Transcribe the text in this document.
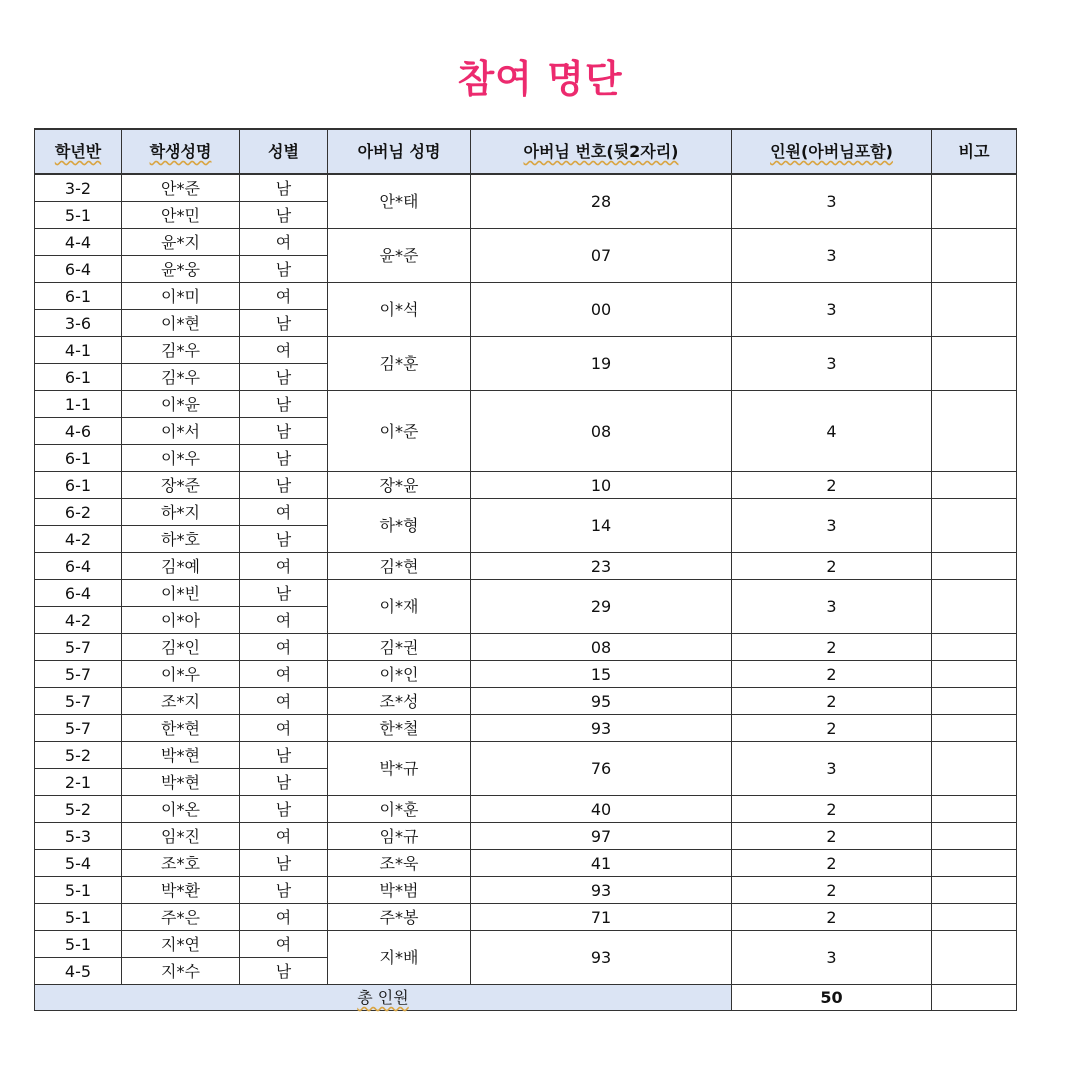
참여 명단
학년반	학생성명	성별	아버님 성명	아버님 번호(뒷2자리)	인원(아버님포함)	비고
3-2	안*준	남	안*태	28	3	
5-1	안*민	남				
4-4	윤*지	여	윤*준	07	3	
6-4	윤*웅	남				
6-1	이*미	여	이*석	00	3	
3-6	이*현	남				
4-1	김*우	여	김*훈	19	3	
6-1	김*우	남				
1-1	이*윤	남	이*준	08	4	
4-6	이*서	남				
6-1	이*우	남				
6-1	장*준	남	장*윤	10	2	
6-2	하*지	여	하*형	14	3	
4-2	하*호	남				
6-4	김*예	여	김*현	23	2	
6-4	이*빈	남	이*재	29	3	
4-2	이*아	여				
5-7	김*인	여	김*권	08	2	
5-7	이*우	여	이*인	15	2	
5-7	조*지	여	조*성	95	2	
5-7	한*현	여	한*철	93	2	
5-2	박*현	남	박*규	76	3	
2-1	박*현	남				
5-2	이*온	남	이*훈	40	2	
5-3	임*진	여	임*규	97	2	
5-4	조*호	남	조*욱	41	2	
5-1	박*환	남	박*범	93	2	
5-1	주*은	여	주*봉	71	2	
5-1	지*연	여	지*배	93	3	
4-5	지*수	남				
총 인원					50	
